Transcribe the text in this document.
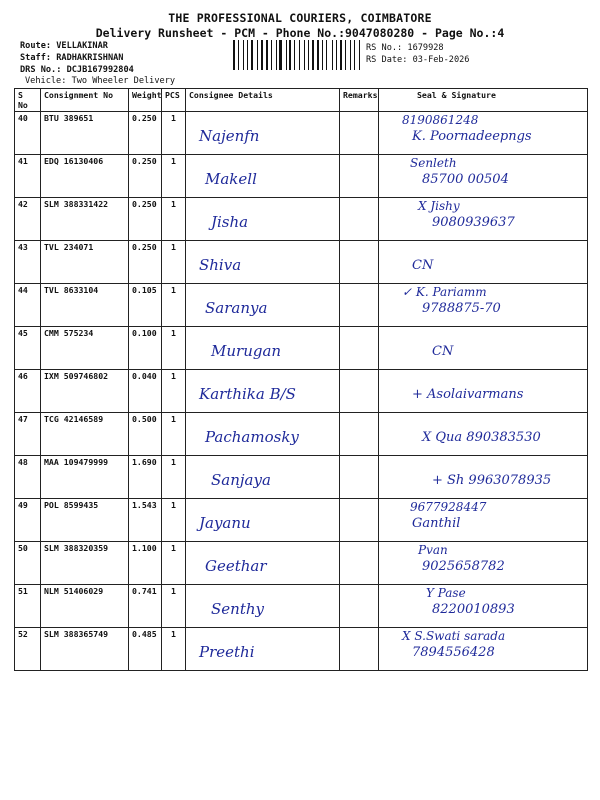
THE PROFESSIONAL COURIERS, COIMBATORE
Delivery Runsheet - PCM - Phone No.:9047080280 - Page No.:4
Route: VELLAKINAR
Staff: RADHAKRISHNAN
DRS No.: DCJB167992804
Vehicle: Two Wheeler Delivery
RS No.: 1679928
RS Date: 03-Feb-2026
S No	Consignment No	Weight	PCS	Consignee Details	Remarks	Seal & Signature
40	BTU 389651	0.250	1	Najenfn		8190861248
K. Poornadeepngs

41	EDQ 16130406	0.250	1	Makell		Senleth
85700 00504

42	SLM 388331422	0.250	1	Jisha		X Jishy
9080939637

43	TVL 234071	0.250	1	Shiva		CN

44	TVL 8633104	0.105	1	Saranya		✓ K. Pariamm
9788875-70

45	CMM 575234	0.100	1	Murugan		CN

46	IXM 509746802	0.040	1	Karthika B/S		+ Asolaivarmans

47	TCG 42146589	0.500	1	Pachamosky		X Qua 890383530

48	MAA 109479999	1.690	1	Sanjaya		+ Sh 9963078935

49	POL 8599435	1.543	1	Jayanu		9677928447
Ganthil

50	SLM 388320359	1.100	1	Geethar		Pvan
9025658782

51	NLM 51406029	0.741	1	Senthy		Y Pase
8220010893

52	SLM 388365749	0.485	1	Preethi		X S.Swati sarada
7894556428
